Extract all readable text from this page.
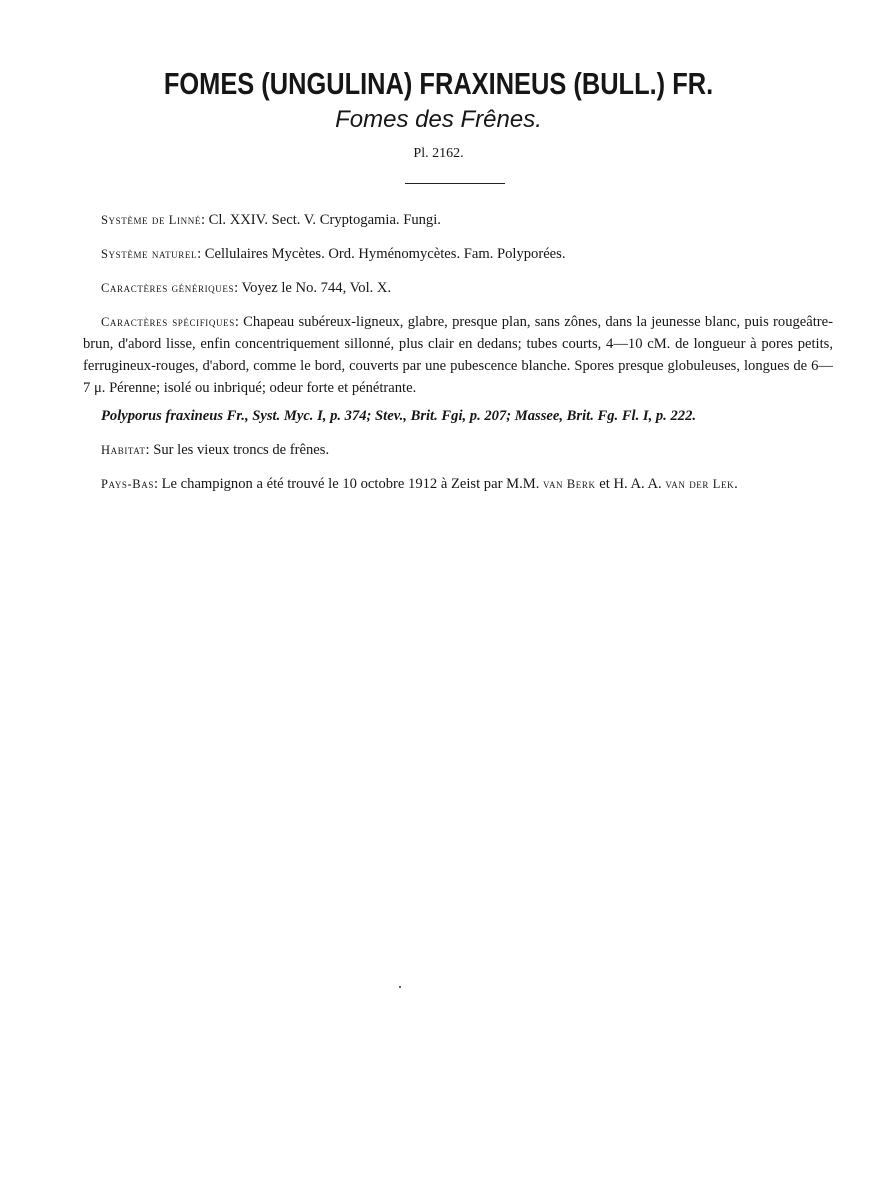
FOMES (UNGULINA) FRAXINEUS (BULL.) FR.
Fomes des Frênes.
Pl. 2162.

Système de Linné: Cl. XXIV. Sect. V. Cryptogamia. Fungi.

Système naturel: Cellulaires Mycètes. Ord. Hyménomycètes. Fam. Polyporées.

Caractères génériques: Voyez le No. 744, Vol. X.

Caractères spécifiques: Chapeau subéreux-ligneux, glabre, presque plan, sans zônes, dans la jeunesse blanc, puis rougeâtre-brun, d'abord lisse, enfin concentriquement sillonné, plus clair en dedans; tubes courts, 4—10 cM. de longueur à pores petits, ferrugineux-rouges, d'abord, comme le bord, couverts par une pubescence blanche. Spores presque globuleuses, longues de 6—7 μ. Pérenne; isolé ou inbriqué; odeur forte et pénétrante.

Polyporus fraxineus Fr., Syst. Myc. I, p. 374; Stev., Brit. Fgi, p. 207; Massee, Brit. Fg. Fl. I, p. 222.

Habitat: Sur les vieux troncs de frênes.

Pays-Bas: Le champignon a été trouvé le 10 octobre 1912 à Zeist par M.M. van Berk et H. A. A. van der Lek.
